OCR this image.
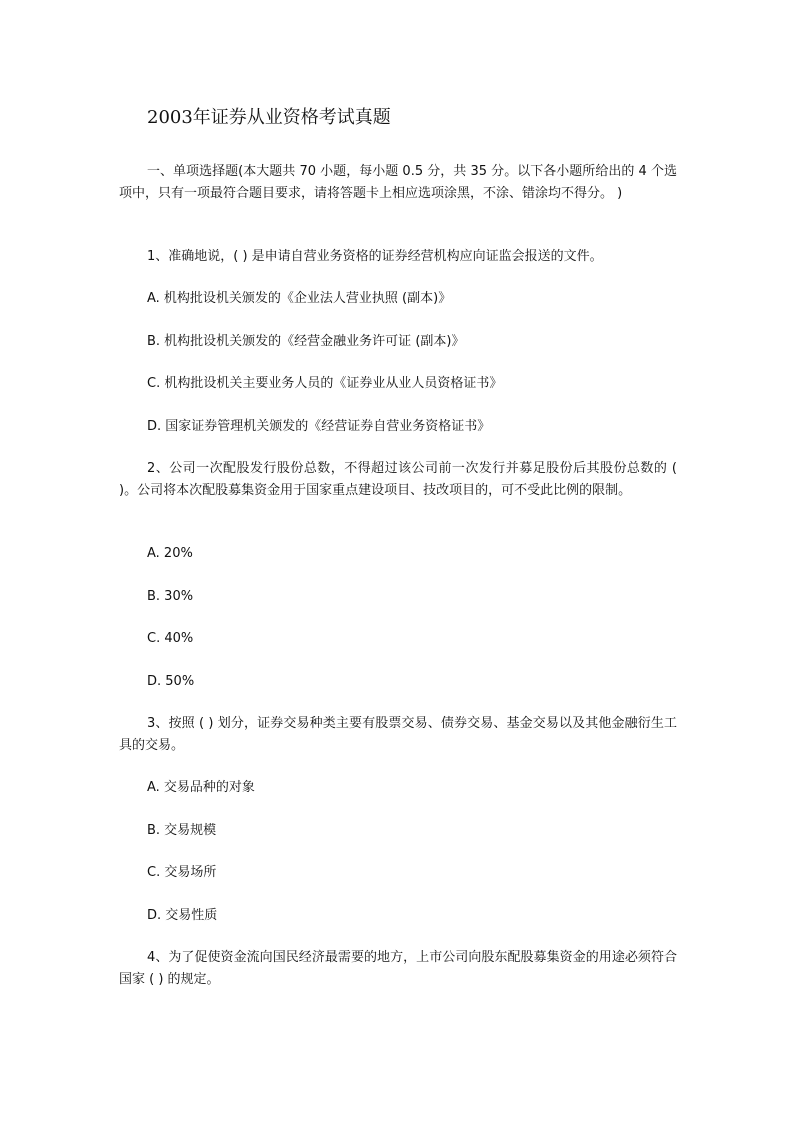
2003年证券从业资格考试真题

一、单项选择题(本大题共 70 小题，每小题 0.5 分，共 35 分。以下各小题所给出的 4 个选项中，只有一项最符合题目要求，请将答题卡上相应选项涂黑，不涂、错涂均不得分。 )

1、准确地说，( ) 是申请自营业务资格的证券经营机构应向证监会报送的文件。

A. 机构批设机关颁发的《企业法人营业执照 (副本)》

B. 机构批设机关颁发的《经营金融业务许可证 (副本)》

C. 机构批设机关主要业务人员的《证券业从业人员资格证书》

D. 国家证券管理机关颁发的《经营证券自营业务资格证书》

2、公司一次配股发行股份总数，不得超过该公司前一次发行并募足股份后其股份总数的 ( )。公司将本次配股募集资金用于国家重点建设项目、技改项目的，可不受此比例的限制。

A. 20%

B. 30%

C. 40%

D. 50%

3、按照 ( ) 划分，证券交易种类主要有股票交易、债券交易、基金交易以及其他金融衍生工具的交易。

A. 交易品种的对象

B. 交易规模

C. 交易场所

D. 交易性质

4、为了促使资金流向国民经济最需要的地方，上市公司向股东配股募集资金的用途必须符合国家 ( ) 的规定。
